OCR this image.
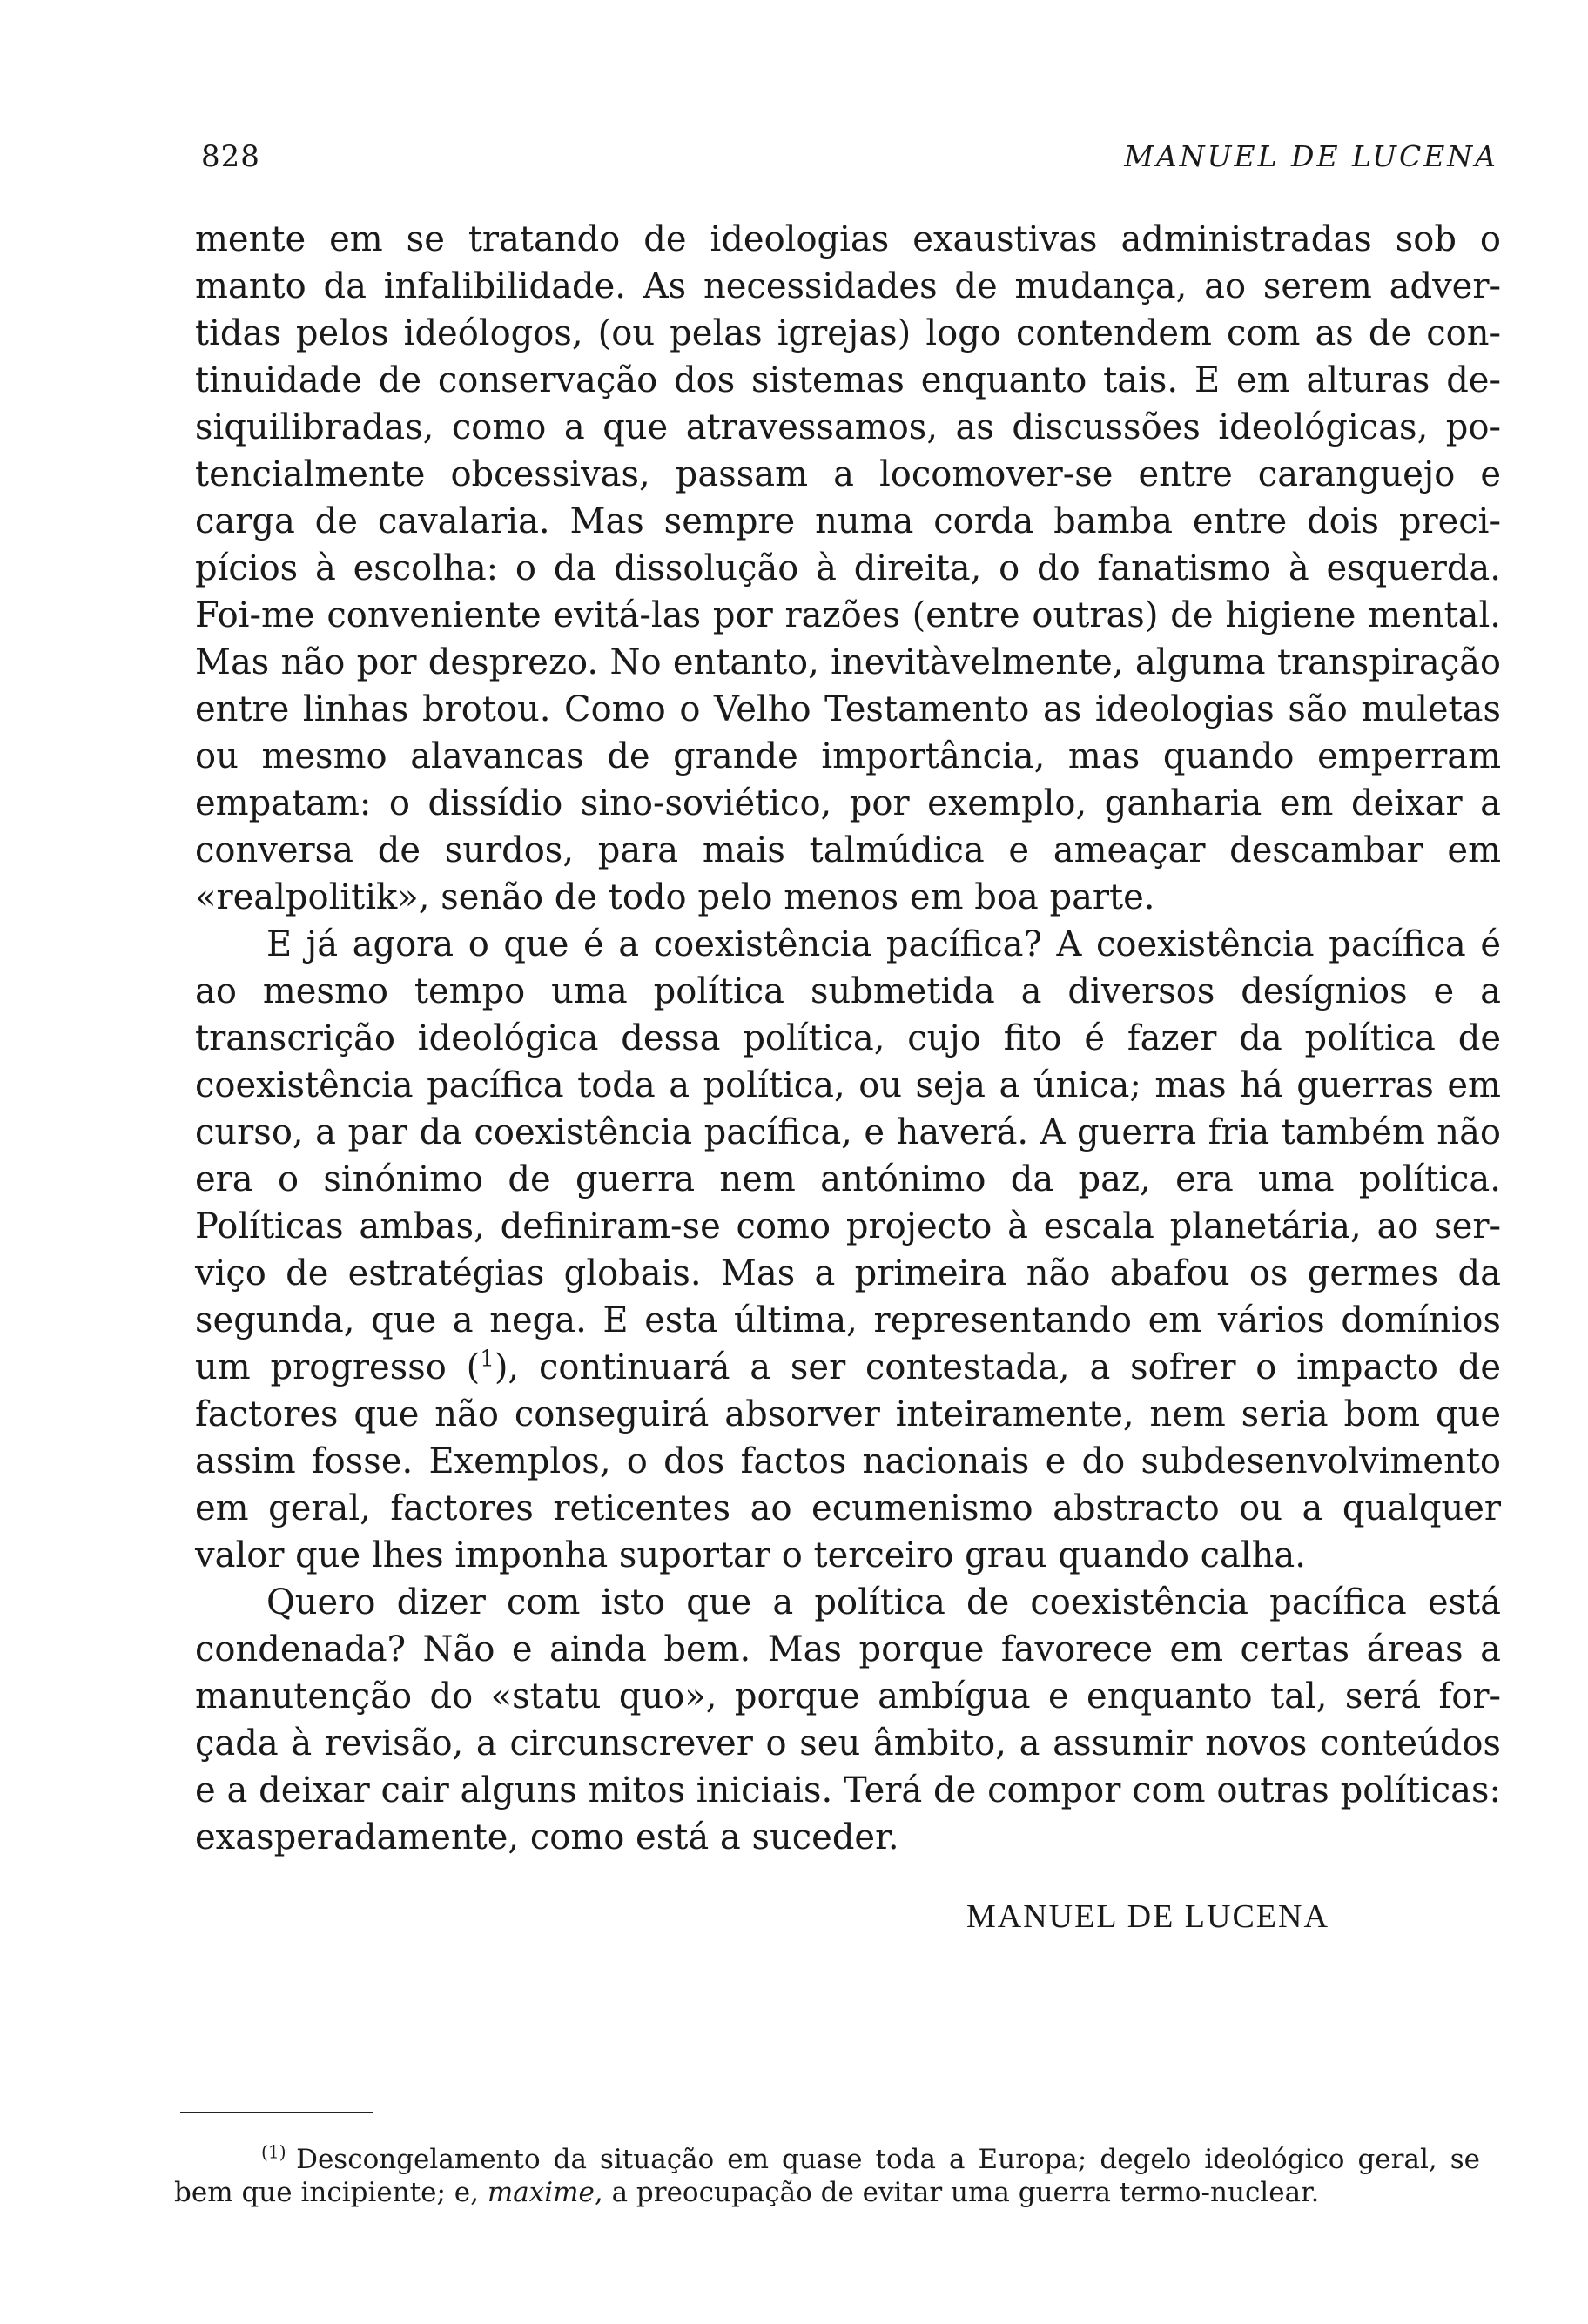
828	MANUEL DE LUCENA

mente em se tratando de ideologias exaustivas administradas sob o manto da infalibilidade. As necessidades de mudança, ao serem advertidas pelos ideólogos, (ou pelas igrejas) logo contendem com as de continuidade de conservação dos sistemas enquanto tais. E em alturas desiquilibradas, como a que atravessamos, as discussões ideológicas, potencialmente obcessivas, passam a locomover-se entre caranguejo e carga de cavalaria. Mas sempre numa corda bamba entre dois precipícios à escolha: o da dissolução à direita, o do fanatismo à esquerda. Foi-me conveniente evitá-las por razões (entre outras) de higiene mental. Mas não por desprezo. No entanto, inevitàvelmente, alguma transpiração entre linhas brotou. Como o Velho Testamento as ideologias são muletas ou mesmo alavancas de grande importância, mas quando emperram empatam: o dissídio sino-soviético, por exemplo, ganharia em deixar a conversa de surdos, para mais talmúdica e ameaçar descambar em «realpolitik», senão de todo pelo menos em boa parte.

E já agora o que é a coexistência pacífica? A coexistência pacífica é ao mesmo tempo uma política submetida a diversos desígnios e a transcrição ideológica dessa política, cujo fito é fazer da política de coexistência pacífica toda a política, ou seja a única; mas há guerras em curso, a par da coexistência pacífica, e haverá. A guerra fria também não era o sinónimo de guerra nem antónimo da paz, era uma política. Políticas ambas, definiram-se como projecto à escala planetária, ao serviço de estratégias globais. Mas a primeira não abafou os germes da segunda, que a nega. E esta última, representando em vários domínios um progresso ($^1$), continuará a ser contestada, a sofrer o impacto de factores que não conseguirá absorver inteiramente, nem seria bom que assim fosse. Exemplos, o dos factos nacionais e do subdesenvolvimento em geral, factores reticentes ao ecumenismo abstracto ou a qualquer valor que lhes imponha suportar o terceiro grau quando calha.

Quero dizer com isto que a política de coexistência pacífica está condenada? Não e ainda bem. Mas porque favorece em certas áreas a manutenção do «statu quo», porque ambígua e enquanto tal, será forçada à revisão, a circunscrever o seu âmbito, a assumir novos conteúdos e a deixar cair alguns mitos iniciais. Terá de compor com outras políticas: exasperadamente, como está a suceder.

MANUEL DE LUCENA

$^{(1)}$ Descongelamento da situação em quase toda a Europa; degelo ideológico geral, se bem que incipiente; e, maxime, a preocupação de evitar uma guerra termo-nuclear.
